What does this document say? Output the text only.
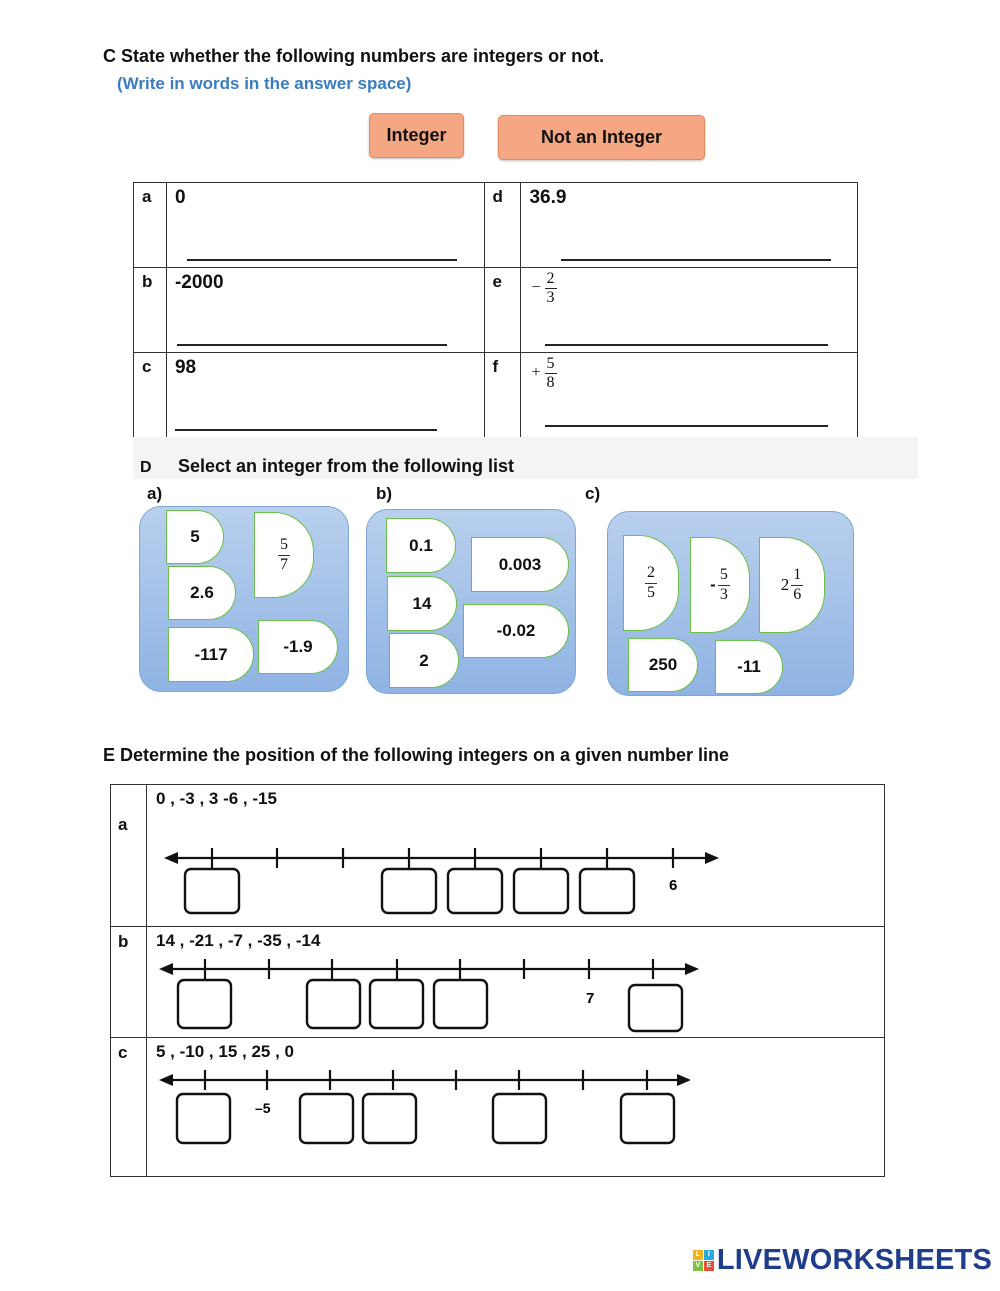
C State whether the following numbers are integers or not.
(Write in words in the answer space)
Integer	Not an Integer
a	0	d	36.9

b	-2000	e	− $\frac{2}{3}$

c	98	f	+ $\frac{5}{8}$
D Select an integer from the following list
a)	b)	c)
5	$\frac{5}{7}$
2.6
-117	-1.9
0.1
0.003
14
-0.02
2
$\frac{2}{5}$	- $\frac{5}{3}$	$2 \frac{1}{6}$
250	-11
E Determine the position of the following integers on a given number line
a
0 , -3 , 3 -6 , -15
6
b 14 , -21 , -7 , -35 , -14
7
c 5 , -10 , 15 , 25 , 0
–5
L	I
V E LIVEWORKSHEETS
